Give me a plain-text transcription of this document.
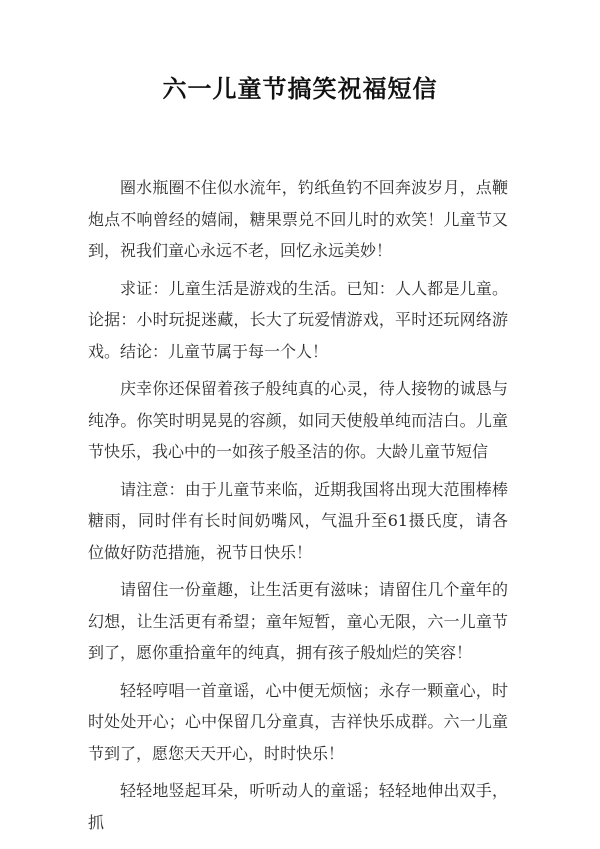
六一儿童节搞笑祝福短信

圈水瓶圈不住似水流年，钓纸鱼钓不回奔波岁月，点鞭炮点不响曾经的嬉闹，糖果票兑不回儿时的欢笑！儿童节又到，祝我们童心永远不老，回忆永远美妙！

求证：儿童生活是游戏的生活。已知：人人都是儿童。论据：小时玩捉迷藏，长大了玩爱情游戏，平时还玩网络游戏。结论：儿童节属于每一个人！

庆幸你还保留着孩子般纯真的心灵，待人接物的诚恳与纯净。你笑时明晃晃的容颜，如同天使般单纯而洁白。儿童节快乐，我心中的一如孩子般圣洁的你。大龄儿童节短信

请注意：由于儿童节来临，近期我国将出现大范围棒棒糖雨，同时伴有长时间奶嘴风，气温升至61摄氏度，请各位做好防范措施，祝节日快乐！

请留住一份童趣，让生活更有滋味；请留住几个童年的幻想，让生活更有希望；童年短暂，童心无限，六一儿童节到了，愿你重拾童年的纯真，拥有孩子般灿烂的笑容！

轻轻哼唱一首童谣，心中便无烦恼；永存一颗童心，时时处处开心；心中保留几分童真，吉祥快乐成群。六一儿童节到了，愿您天天开心，时时快乐！

轻轻地竖起耳朵，听听动人的童谣；轻轻地伸出双手，抓
